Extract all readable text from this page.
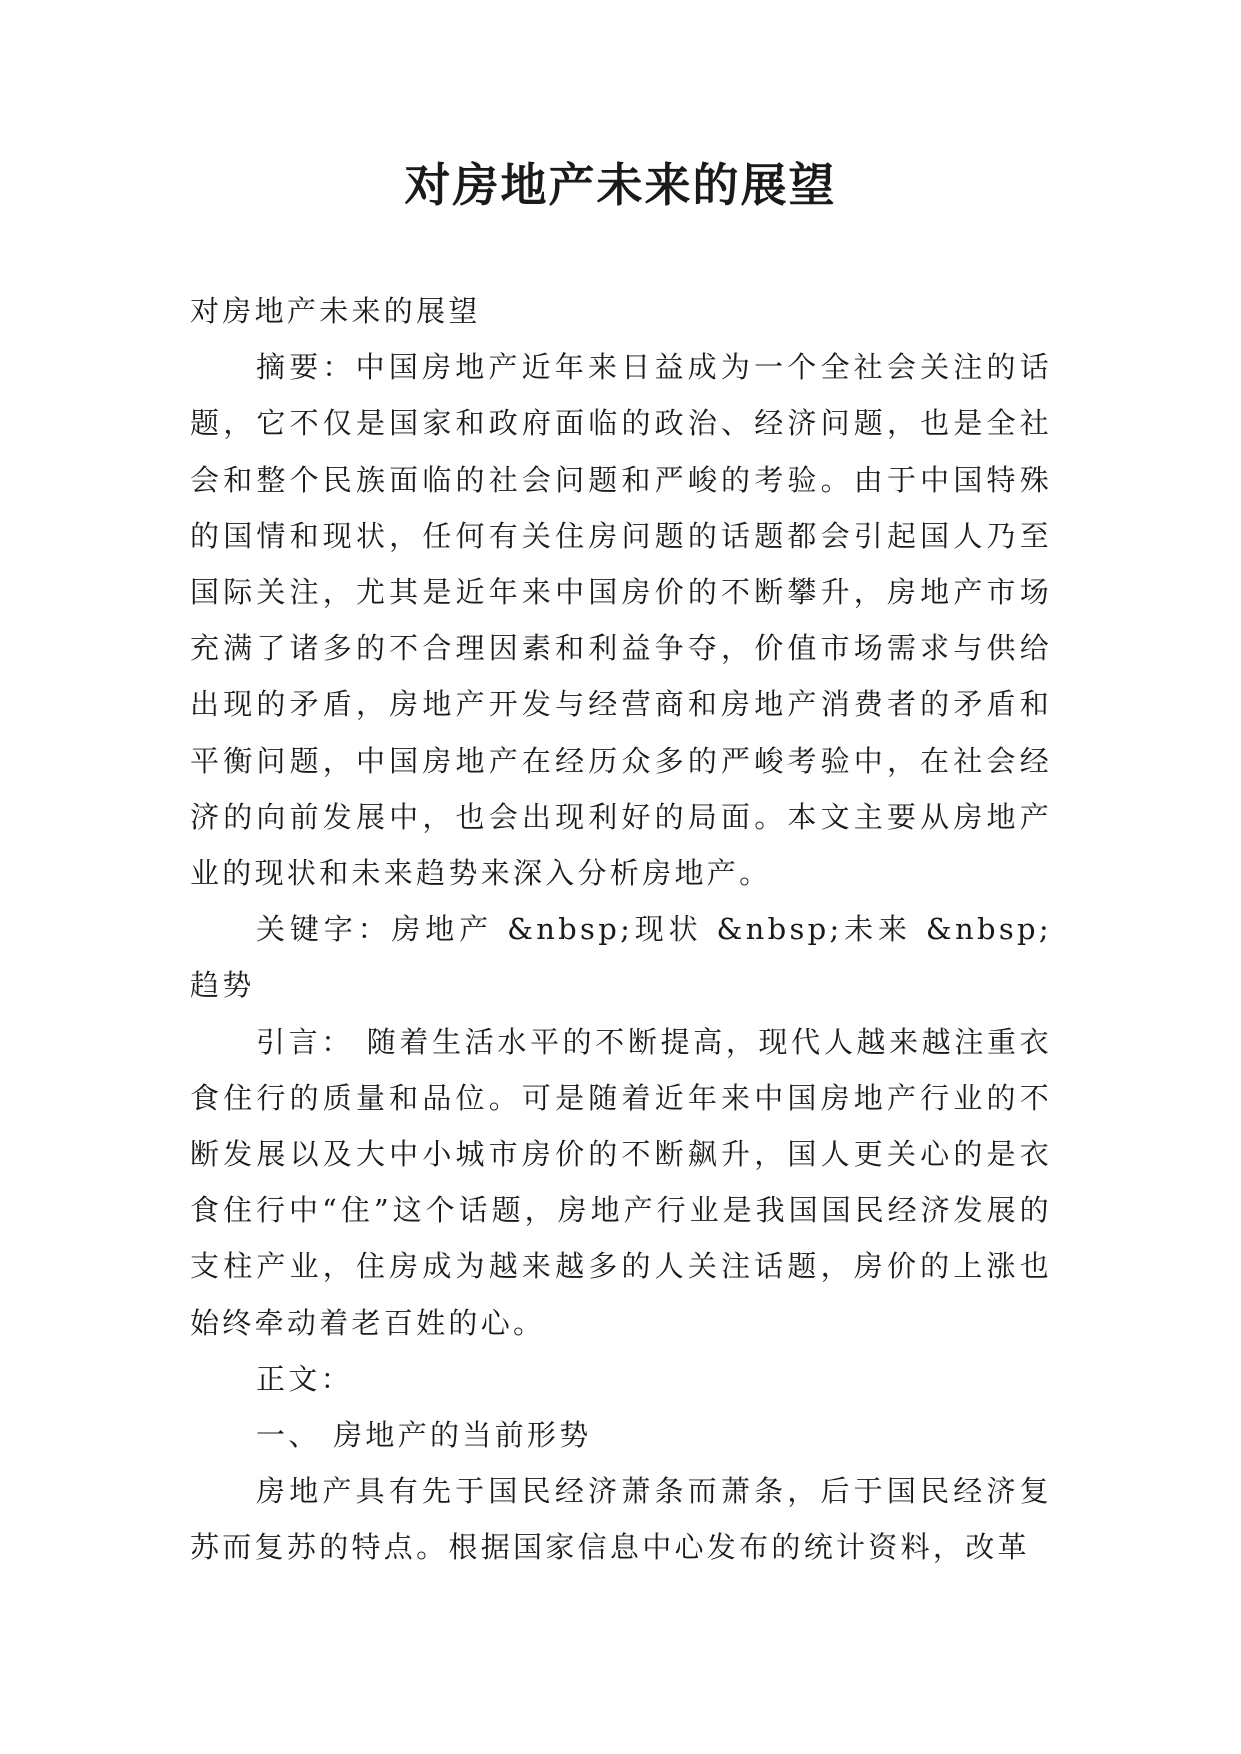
对房地产未来的展望

对房地产未来的展望

摘要：中国房地产近年来日益成为一个全社会关注的话题，它不仅是国家和政府面临的政治、经济问题，也是全社会和整个民族面临的社会问题和严峻的考验。由于中国特殊的国情和现状，任何有关住房问题的话题都会引起国人乃至国际关注，尤其是近年来中国房价的不断攀升，房地产市场充满了诸多的不合理因素和利益争夺，价值市场需求与供给出现的矛盾，房地产开发与经营商和房地产消费者的矛盾和平衡问题，中国房地产在经历众多的严峻考验中，在社会经济的向前发展中，也会出现利好的局面。本文主要从房地产业的现状和未来趋势来深入分析房地产。

关键字：房地产 &nbsp;现状 &nbsp;未来 &nbsp;趋势

引言： 随着生活水平的不断提高，现代人越来越注重衣食住行的质量和品位。可是随着近年来中国房地产行业的不断发展以及大中小城市房价的不断飙升，国人更关心的是衣食住行中“住”这个话题，房地产行业是我国国民经济发展的支柱产业，住房成为越来越多的人关注话题，房价的上涨也始终牵动着老百姓的心。

正文：

一、 房地产的当前形势

房地产具有先于国民经济萧条而萧条，后于国民经济复苏而复苏的特点。根据国家信息中心发布的统计资料，改革
